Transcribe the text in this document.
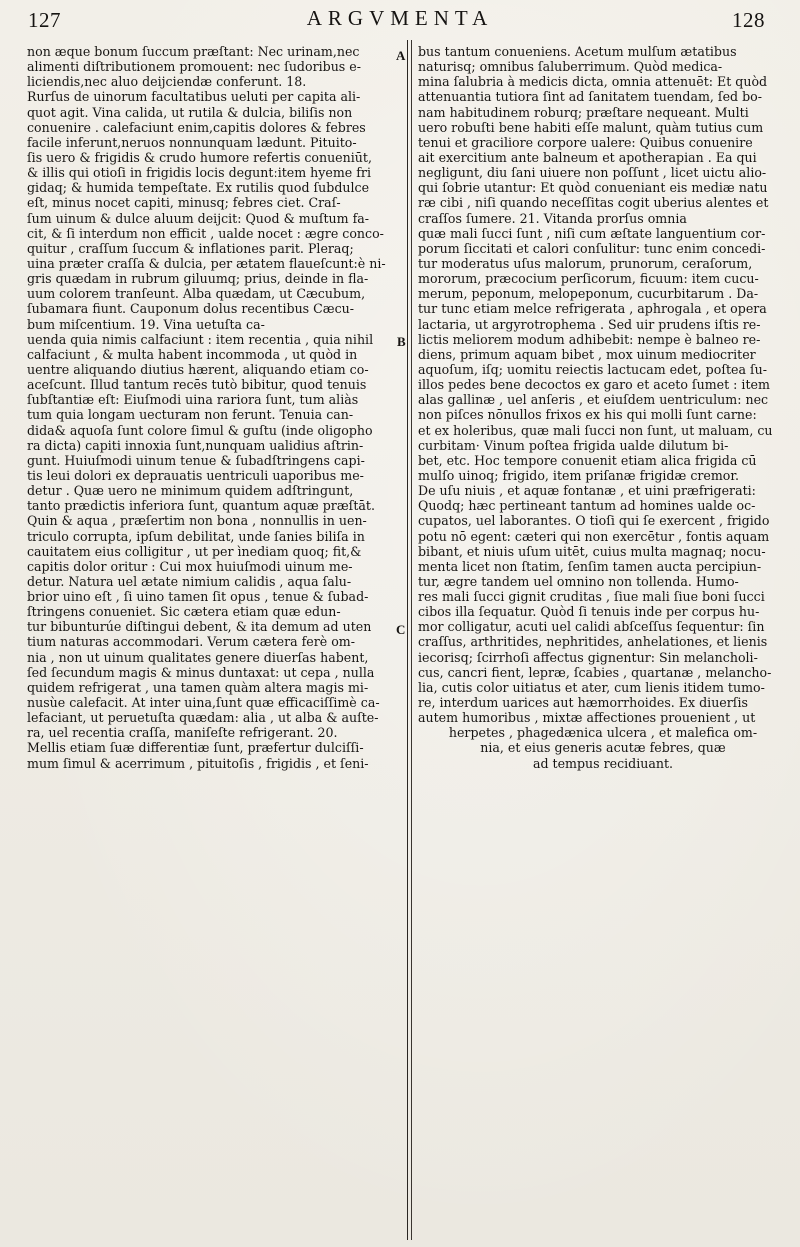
127	ARGVMENTA	128
A
B
C
non æque bonum ſuccum præſtant: Nec urinam,nec
alimenti diſtributionem promouent: nec ſudoribus e-
liciendis,nec aluo deijciendæ conferunt. 18.
Rurſus de uinorum facultatibus ueluti per capita ali-
quot agit. Vina calida, ut rutila & dulcia, biliſis non
conuenire . calefaciunt enim,capitis dolores & febres
facile inferunt,neruos nonnunquam lædunt. Pituito-
ſis uero & frigidis & crudo humore refertis conueniūt,
& illis qui otioſi in frigidis locis deguntːitem hyeme fri
gidaq; & humida tempeſtate. Ex rutilis quod ſubdulce
eſt, minus nocet capiti, minusq; febres ciet. Craſ-
ſum uinum & dulce aluum deijcit: Quod & muſtum fa-
cit, & ſi interdum non efficit , ualde nocet : ægre conco-
quitur , craſſum ſuccum & inflationes parit. Pleraq;
uina præter craſſa & dulcia, per ætatem flaueſcunt:è ni-
gris quædam in rubrum giluumq; prius, deinde in fla-
uum colorem tranſeunt. Alba quædam, ut Cæcubum,
ſubamara fiunt. Cauponum dolus recentibus Cæcu-
bum miſcentium. 19. Vina uetuſta ca-
uenda quia nimis calfaciunt : item recentia , quia nihil
calfaciunt , & multa habent incommoda , ut quòd in
uentre aliquando diutius hærent, aliquando etiam co-
aceſcunt. Illud tantum recēs tutò bibitur, quod tenuis
ſubſtantiæ eſt: Eiuſmodi uina rariora ſunt, tum aliàs
tum quia longam uecturam non ferunt. Tenuia can-
dida& aquoſa ſunt colore ſimul & guſtu (inde oligopho
ra dicta) capiti innoxia ſunt,nunquam ualidius aſtrin-
gunt. Huiuſmodi uinum tenue & ſubadſtringens capi-
tis leui dolori ex deprauatis uentriculi uaporibus me-
detur . Quæ uero ne minimum quidem adſtringunt,
tanto prædictis inferiora ſunt, quantum aquæ præſtāt.
Quin & aqua , præſertim non bona , nonnullis in uen-
triculo corrupta, ipſum debilitat, unde ſanies biliſa in
cauitatem eius colligitur , ut per ìnediam quoq; fit,&
capitis dolor oritur : Cui mox huiuſmodi uinum me-
detur. Natura uel ætate nimium calidis , aqua ſalu-
brior uino eſt , ſi uino tamen ſit opus , tenue & ſubad-
ſtringens conueniet. Sic cætera etiam quæ edun-
tur bibunturúe diſtingui debent, & ita demum ad uten
tium naturas accommodari. Verum cætera ferè om-
nia , non ut uinum qualitates genere diuerſas habent,
ſed ſecundum magis & minus duntaxat: ut cepa , nulla
quidem refrigerat , una tamen quàm altera magis mi-
nusùe calefacit. At inter uina,ſunt quæ efficaciſſimè ca-
lefaciant, ut peruetuſta quædam: alia , ut alba & auſte-
ra, uel recentia craſſa, maniſeſte refrigerant. 20.
Mellis etiam ſuæ differentiæ ſunt, præfertur dulciſſi-
mum ſimul & acerrimum , pituitoſis , frigidis , et ſeni-
bus tantum conueniens. Acetum mulſum ætatibus
naturisq; omnibus ſaluberrimum. Quòd medica-
mina ſalubria à medicis dicta, omnia attenuēt: Et quòd
attenuantia tutiora ſint ad ſanitatem tuendam, ſed bo-
nam habitudinem roburq; præſtare nequeant. Multi
uero robuſti bene habiti eſſe malunt, quàm tutius cum
tenui et graciliore corpore ualere: Quibus conuenire
ait exercitium ante balneum et apotherapian . Ea qui
negligunt, diu ſani uiuere non poſſunt , licet uictu alio-
qui ſobrie utantur: Et quòd conueniant eis mediæ natu
ræ cibi , niſi quando neceſſitas cogit uberius alentes et
craſſos ſumere. 21. Vitanda prorſus omnia
quæ mali ſucci ſunt , niſi cum æſtate languentium cor-
porum ſiccitati et calori conſulitur: tunc enim concedi-
tur moderatus uſus malorum, prunorum, ceraſorum,
mororum, præcocium perſicorum, ficuum: item cucu-
merum, peponum, melopeponum, cucurbitarum . Da-
tur tunc etiam melce refrigerata , aphrogala , et opera
lactaria, ut argyrotrophema . Sed uir prudens iſtis re-
lictis meliorem modum adhibebit: nempe è balneo re-
diens, primum aquam bibet , mox uinum mediocriter
aquoſum, iſq; uomitu reiectis lactucam edet, poſtea ſu-
illos pedes bene decoctos ex garo et aceto ſumet : item
alas gallinæ , uel anſeris , et eiuſdem uentriculum: nec
non piſces nōnullos frixos ex his qui molli ſunt carne:
et ex holeribus, quæ mali ſucci non ſunt, ut maluam, cu
curbitam· Vinum poſtea frigida ualde dilutum bi-
bet, etc. Hoc tempore conuenit etiam alica frigida cū
mulſo uinoq; frigido, item priſanæ frigidæ cremor.
De uſu niuis , et aquæ fontanæ , et uini præfrigerati:
Quodq; hæc pertineant tantum ad homines ualde oc-
cupatos, uel laborantes. O tioſi qui ſe exercent , frigido
potu nō egent: cæteri qui non exercētur , fontis aquam
bibant, et niuis uſum uitēt, cuius multa magnaq; nocu-
menta licet non ſtatim, ſenſim tamen aucta percipiun-
tur, ægre tandem uel omnino non tollenda. Humo-
res mali ſucci gignit cruditas , ſiue mali ſiue boni ſucci
cibos illa ſequatur. Quòd ſi tenuis inde per corpus hu-
mor colligatur, acuti uel calidi abſceſſus ſequentur: ſin
craſſus, arthritides, nephritides, anhelationes, et lienis
iecorisq; ſcirrhoſi affectus gignentur: Sin melancholi-
cus, cancri fient, lepræ, ſcabies , quartanæ , melancho-
lia, cutis color uitiatus et ater, cum lienis itidem tumo-
re, interdum uarices aut hæmorrhoides. Ex diuerſis
autem humoribus , mixtæ affectiones prouenient , ut
herpetes , phagedænica ulcera , et malefica om-
nia, et eius generis acutæ febres, quæ
ad tempus recidiuant.
